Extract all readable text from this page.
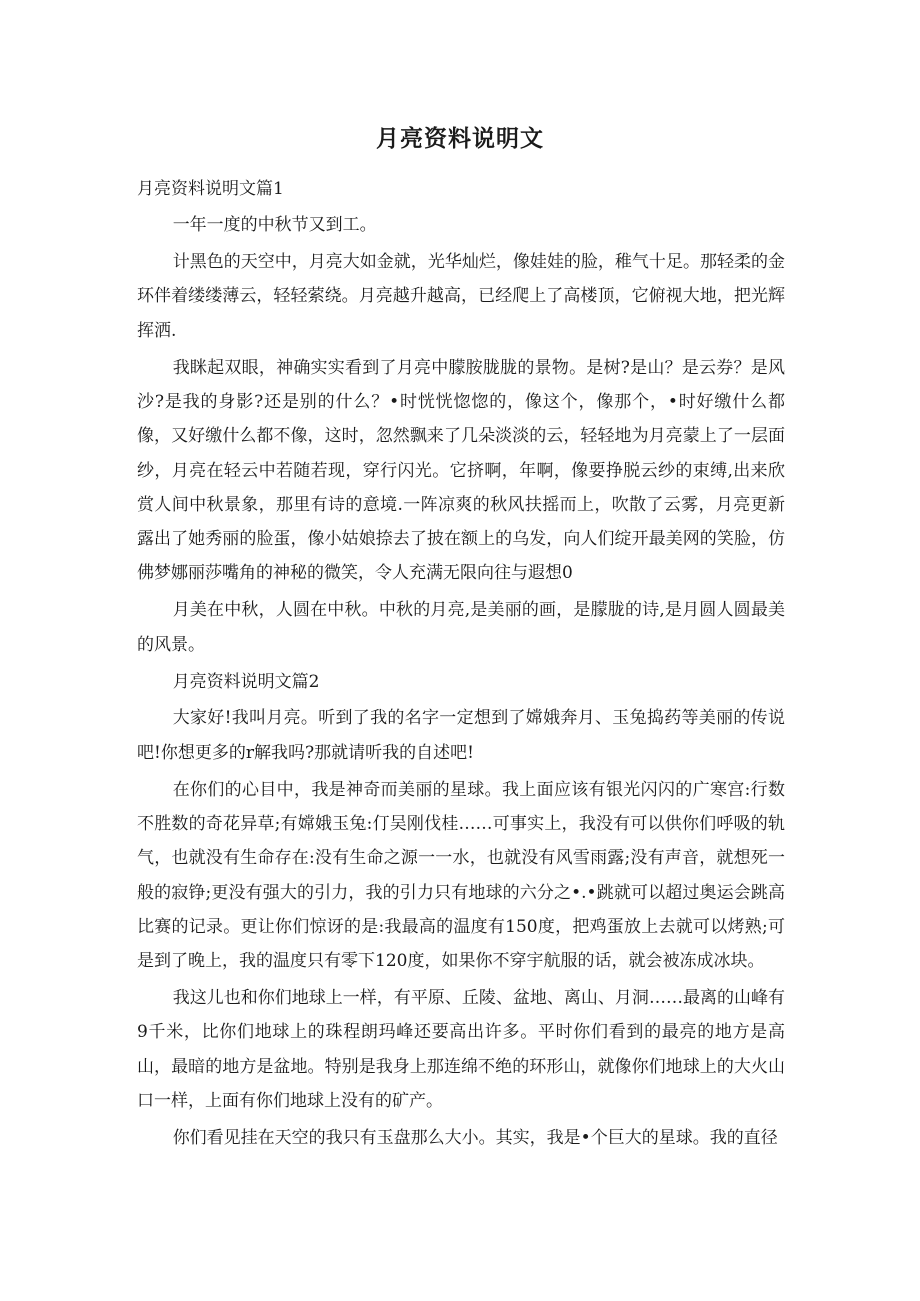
月亮资料说明文

月亮资料说明文篇1

一年一度的中秋节又到工。

计黑色的天空中，月亮大如金就，光华灿烂，像娃娃的脸，稚气十足。那轻柔的金环伴着缕缕薄云，轻轻萦绕。月亮越升越高，已经爬上了高楼顶，它俯视大地，把光辉挥洒.

我眯起双眼，神确实实看到了月亮中朦胺胧胧的景物。是树?是山？是云券？是风沙?是我的身影?还是别的什么？•时恍恍惚惚的，像这个，像那个，•时好缴什么都像，又好缴什么都不像，这时，忽然飘来了几朵淡淡的云，轻轻地为月亮蒙上了一层面纱，月亮在轻云中若随若现，穿行闪光。它挤啊，年啊，像要挣脱云纱的束缚,出来欣赏人间中秋景象，那里有诗的意境.一阵凉爽的秋风扶摇而上，吹散了云雾，月亮更新露出了她秀丽的脸蛋，像小姑娘捺去了披在额上的乌发，向人们绽开最美网的笑脸，仿佛梦娜丽莎嘴角的神秘的微笑，令人充满无限向往与遐想0

月美在中秋，人圆在中秋。中秋的月亮,是美丽的画，是朦胧的诗,是月圆人圆最美的风景。

月亮资料说明文篇2

大家好!我叫月亮。听到了我的名字一定想到了嫦娥奔月、玉兔捣药等美丽的传说吧!你想更多的r解我吗?那就请听我的自述吧!

在你们的心目中，我是神奇而美丽的星球。我上面应该有银光闪闪的广寒宫:行数不胜数的奇花异草;有嫦娥玉兔:仃吴刚伐桂……可事实上，我没有可以供你们呼吸的轨气，也就没有生命存在:没有生命之源一一水，也就没有风雪雨露;没有声音，就想死一般的寂铮;更没有强大的引力，我的引力只有地球的六分之•.•跳就可以超过奥运会跳高比赛的记录。更让你们惊讶的是:我最高的温度有150度，把鸡蛋放上去就可以烤熟;可是到了晚上，我的温度只有零下120度，如果你不穿宇航服的话，就会被冻成冰块。

我这儿也和你们地球上一样，有平原、丘陵、盆地、离山、月洞……最离的山峰有9千米，比你们地球上的珠程朗玛峰还要高出许多。平时你们看到的最亮的地方是高山，最暗的地方是盆地。特别是我身上那连绵不绝的环形山，就像你们地球上的大火山口一样，上面有你们地球上没有的矿产。

你们看见挂在天空的我只有玉盘那么大小。其实，我是•个巨大的星球。我的直径
